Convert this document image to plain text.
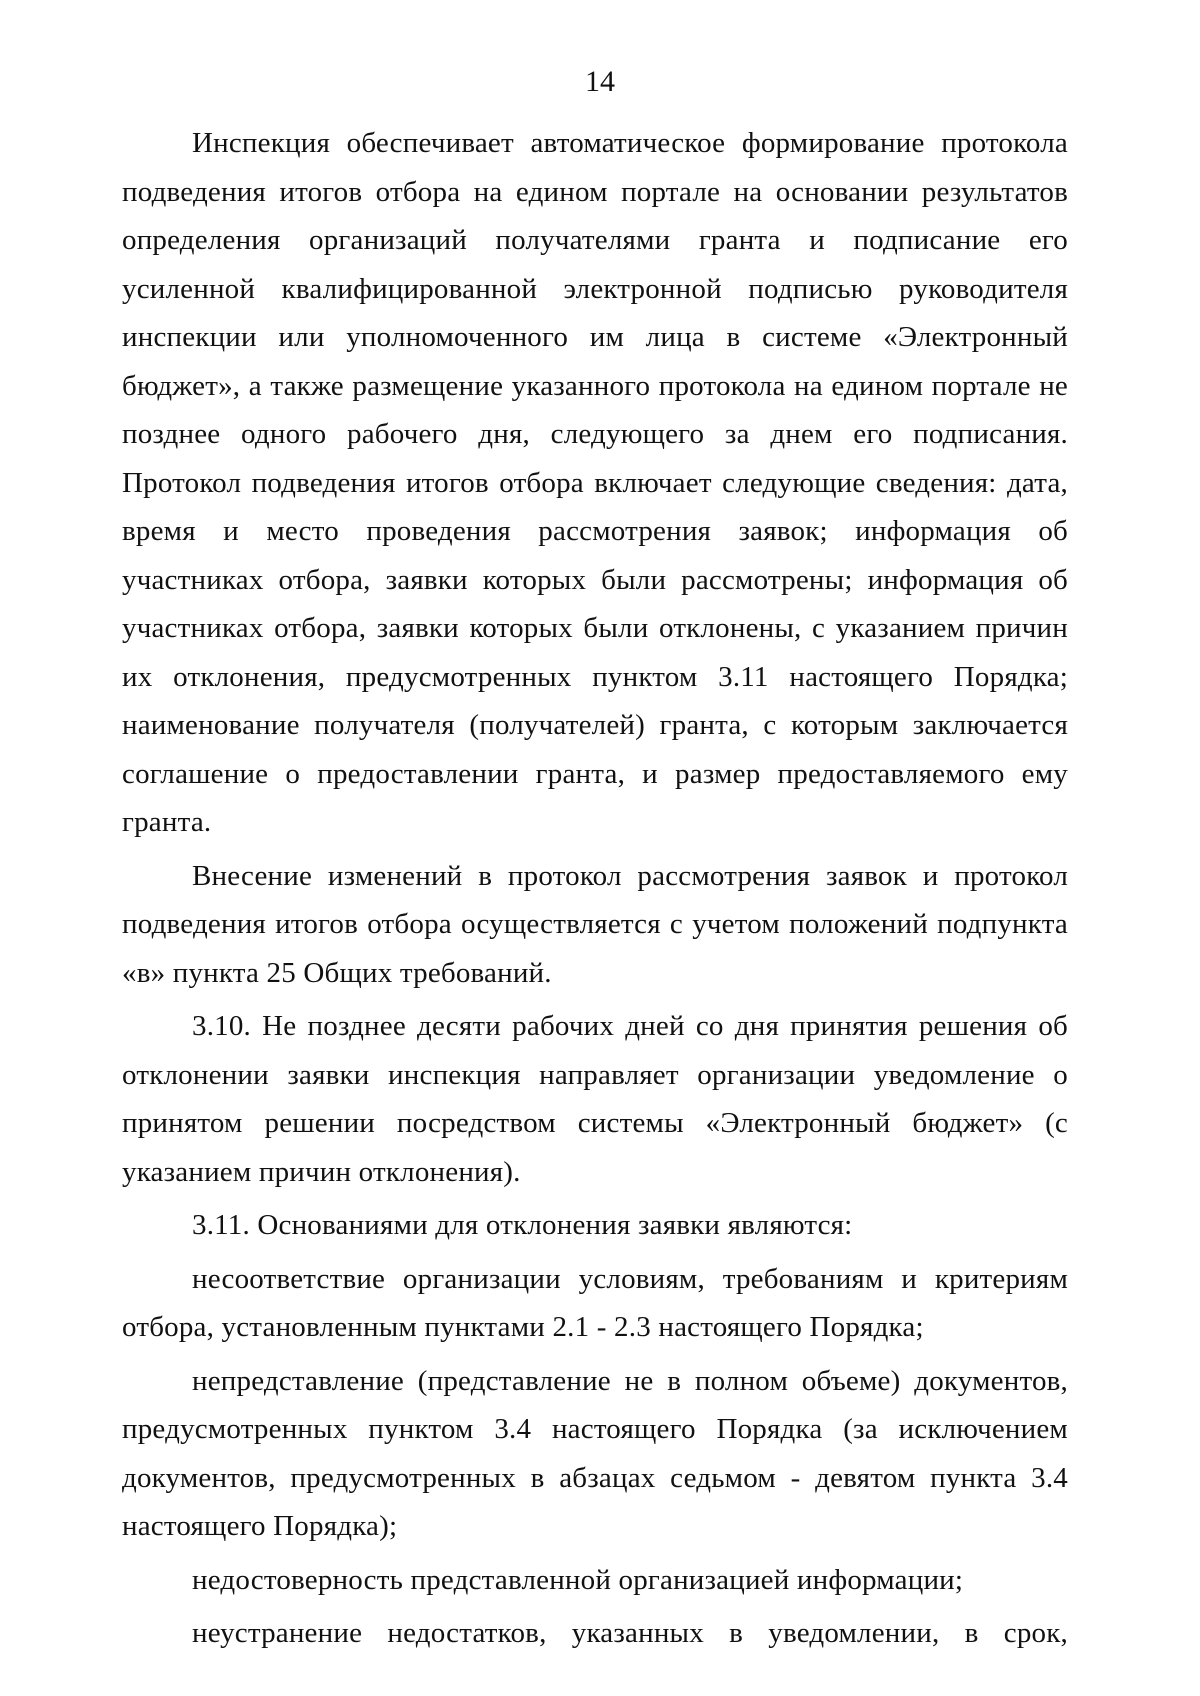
14

Инспекция обеспечивает автоматическое формирование протокола подведения итогов отбора на едином портале на основании результатов определения организаций получателями гранта и подписание его усиленной квалифицированной электронной подписью руководителя инспекции или уполномоченного им лица в системе «Электронный бюджет», а также размещение указанного протокола на едином портале не позднее одного рабочего дня, следующего за днем его подписания. Протокол подведения итогов отбора включает следующие сведения: дата, время и место проведения рассмотрения заявок; информация об участниках отбора, заявки которых были рассмотрены; информация об участниках отбора, заявки которых были отклонены, с указанием причин их отклонения, предусмотренных пунктом 3.11 настоящего Порядка; наименование получателя (получателей) гранта, с которым заключается соглашение о предоставлении гранта, и размер предоставляемого ему гранта.

Внесение изменений в протокол рассмотрения заявок и протокол подведения итогов отбора осуществляется с учетом положений подпункта «в» пункта 25 Общих требований.

3.10. Не позднее десяти рабочих дней со дня принятия решения об отклонении заявки инспекция направляет организации уведомление о принятом решении посредством системы «Электронный бюджет» (с указанием причин отклонения).

3.11. Основаниями для отклонения заявки являются:

несоответствие организации условиям, требованиям и критериям отбора, установленным пунктами 2.1 - 2.3 настоящего Порядка;

непредставление (представление не в полном объеме) документов, предусмотренных пунктом 3.4 настоящего Порядка (за исключением документов, предусмотренных в абзацах седьмом - девятом пункта 3.4 настоящего Порядка);

недостоверность представленной организацией информации;

неустранение недостатков, указанных в уведомлении, в срок,
